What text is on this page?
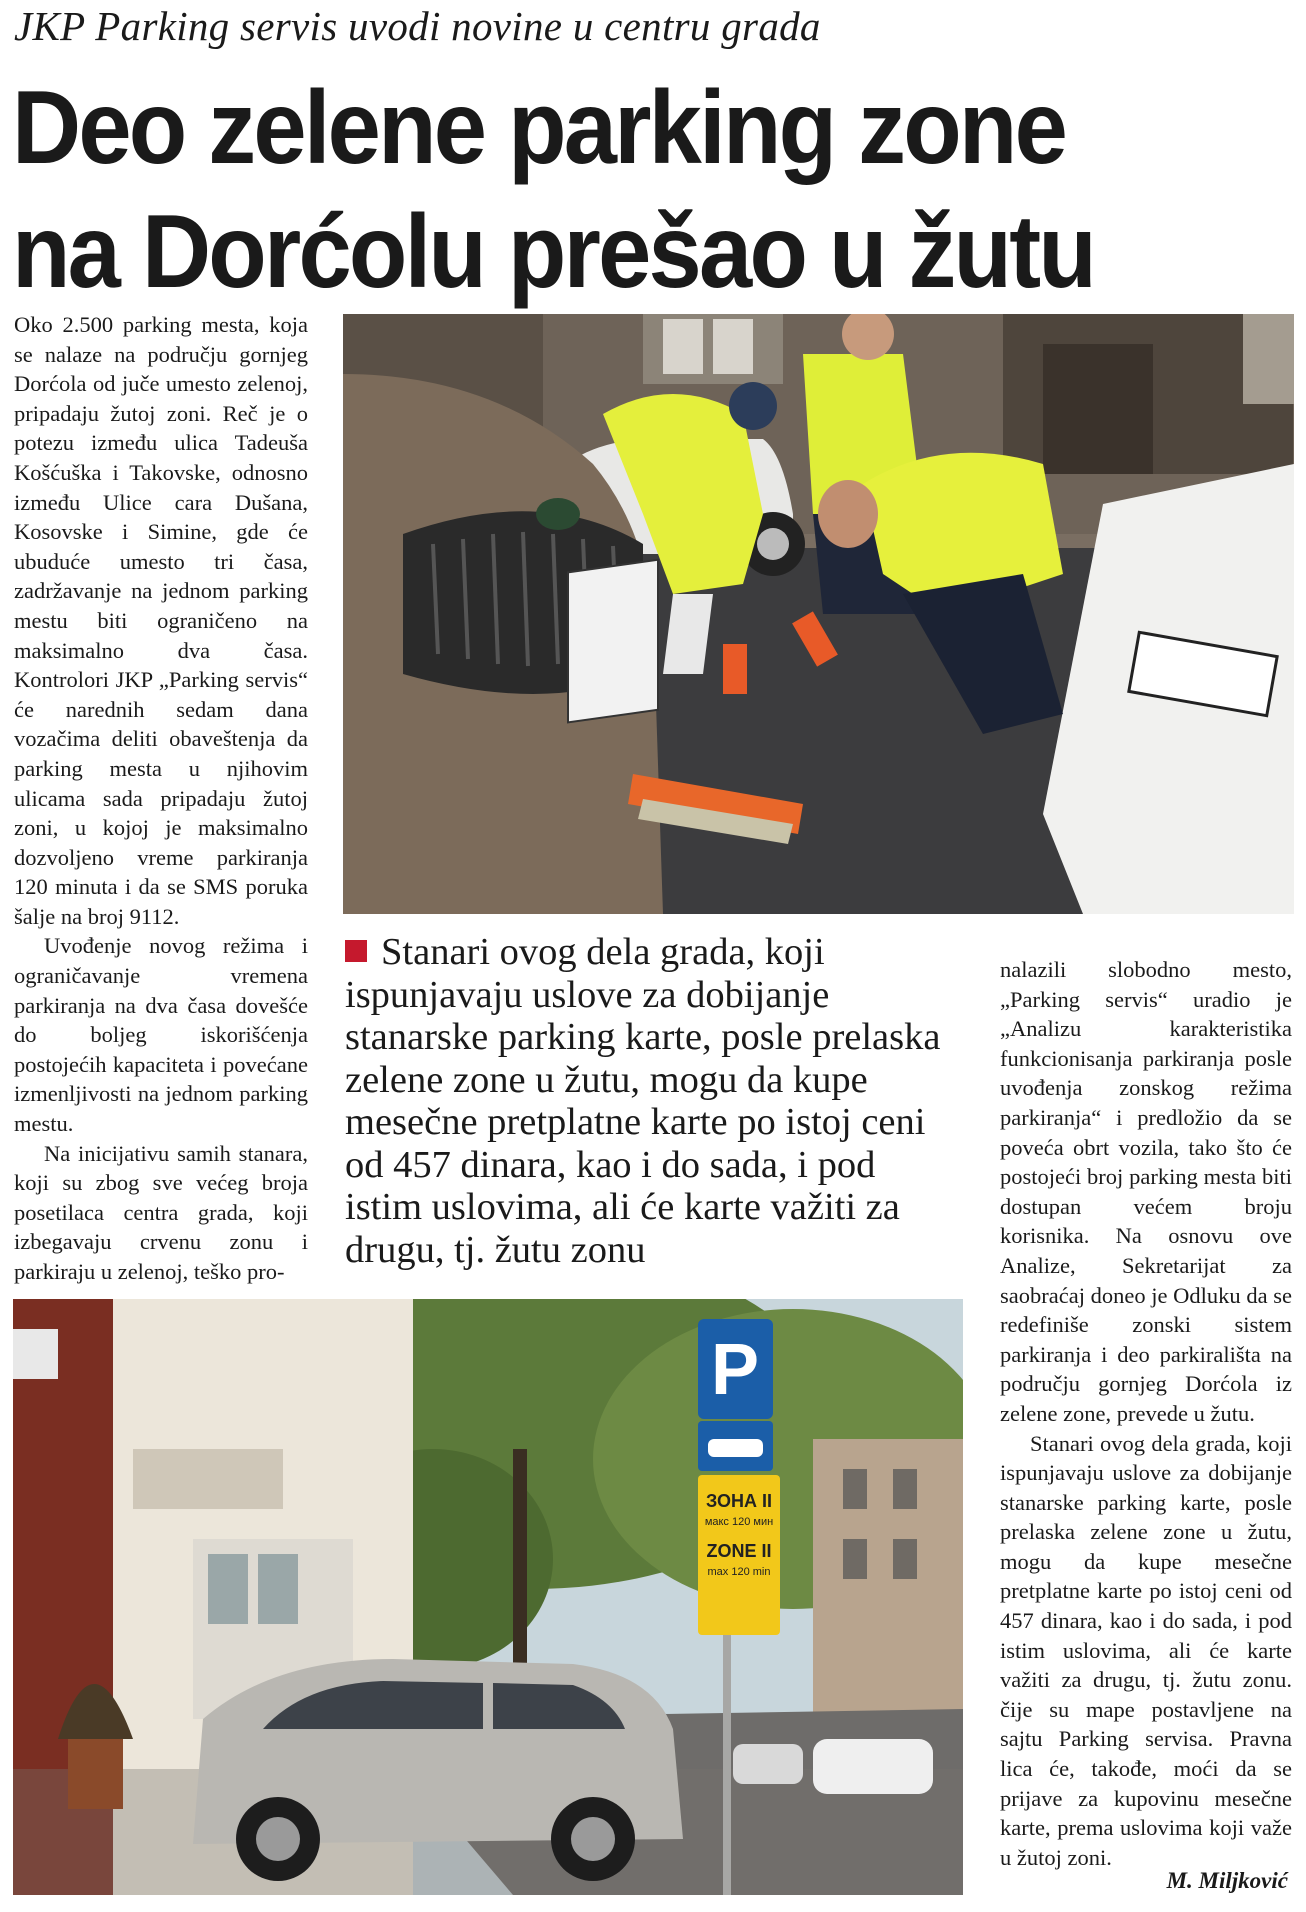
JKP Parking servis uvodi novine u centru grada
Deo zelene parking zone
na Dorćolu prešao u žutu

Oko 2.500 parking mesta, koja se nalaze na području gornjeg Dorćola od juče umesto zelenoj, pripadaju žutoj zoni. Reč je o potezu između ulica Tadeuša Košćuška i Takovske, odnosno između Ulice cara Dušana, Kosovske i Simine, gde će ubuduće umesto tri časa, zadržavanje na jednom parking mestu biti ograničeno na maksimalno dva časa. Kontrolori JKP „Parking servis“ će narednih sedam dana vozačima deliti obaveštenja da parking mesta u njihovim ulicama sada pripadaju žutoj zoni, u kojoj je maksimalno dozvoljeno vreme parkiranja 120 minuta i da se SMS poruka šalje na broj 9112.

Uvođenje novog režima i ograničavanje vremena parkiranja na dva časa dovešće do boljeg iskorišćenja postojećih kapaciteta i povećane izmenljivosti na jednom parking mestu.

Na inicijativu samih stanara, koji su zbog sve većeg broja posetilaca centra grada, koji izbegavaju crvenu zonu i parkiraju u zelenoj, teško pro-

Stanari ovog dela grada, koji ispunjavaju uslove za dobijanje stanarske parking karte, posle prelaska zelene zone u žutu, mogu da kupe mesečne pretplatne karte po istoj ceni od 457 dinara, kao i do sada, i pod istim uslovima, ali će karte važiti za drugu, tj. žutu zonu

nalazili slobodno mesto, „Parking servis“ uradio je „Analizu karakteristika funkcionisanja parkiranja posle uvođenja zonskog režima parkiranja“ i predložio da se poveća obrt vozila, tako što će postojeći broj parking mesta biti dostupan većem broju korisnika. Na osnovu ove Analize, Sekretarijat za saobraćaj doneo je Odluku da se redefiniše zonski sistem parkiranja i deo parkirališta na području gornjeg Dorćola iz zelene zone, prevede u žutu.

Stanari ovog dela grada, koji ispunjavaju uslove za dobijanje stanarske parking karte, posle prelaska zelene zone u žutu, mogu da kupe mesečne pretplatne karte po istoj ceni od 457 dinara, kao i do sada, i pod istim uslovima, ali će karte važiti za drugu, tj. žutu zonu. čije su mape postavljene na sajtu Parking servisa. Pravna lica će, takođe, moći da se prijave za kupovinu mesečne karte, prema uslovima koji važe u žutoj zoni.

P
ЗОНА II
макс 120 мин
ZONE II
max 120 min
M. Miljković
